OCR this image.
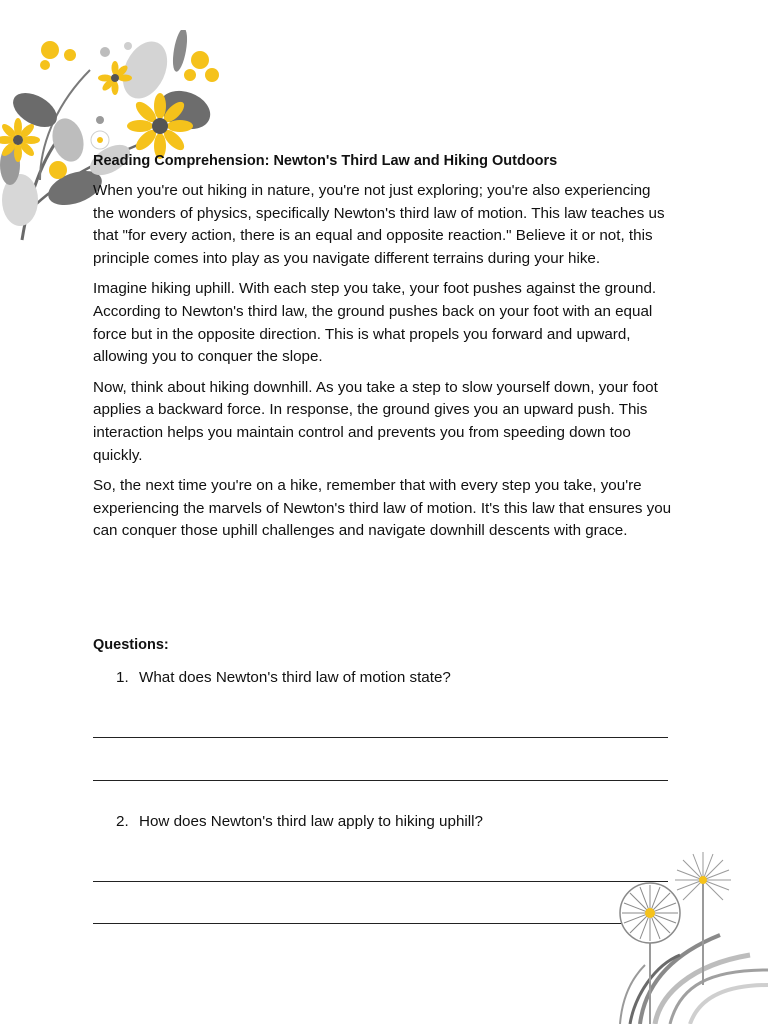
Reading Comprehension: Newton's Third Law and Hiking Outdoors

When you're out hiking in nature, you're not just exploring; you're also experiencing the wonders of physics, specifically Newton's third law of motion. This law teaches us that "for every action, there is an equal and opposite reaction." Believe it or not, this principle comes into play as you navigate different terrains during your hike.

Imagine hiking uphill. With each step you take, your foot pushes against the ground. According to Newton's third law, the ground pushes back on your foot with an equal force but in the opposite direction. This is what propels you forward and upward, allowing you to conquer the slope.

Now, think about hiking downhill. As you take a step to slow yourself down, your foot applies a backward force. In response, the ground gives you an upward push. This interaction helps you maintain control and prevents you from speeding down too quickly.

So, the next time you're on a hike, remember that with every step you take, you're experiencing the marvels of Newton's third law of motion. It's this law that ensures you can conquer those uphill challenges and navigate downhill descents with grace.

Questions:

1. What does Newton's third law of motion state?

2. How does Newton's third law apply to hiking uphill?
